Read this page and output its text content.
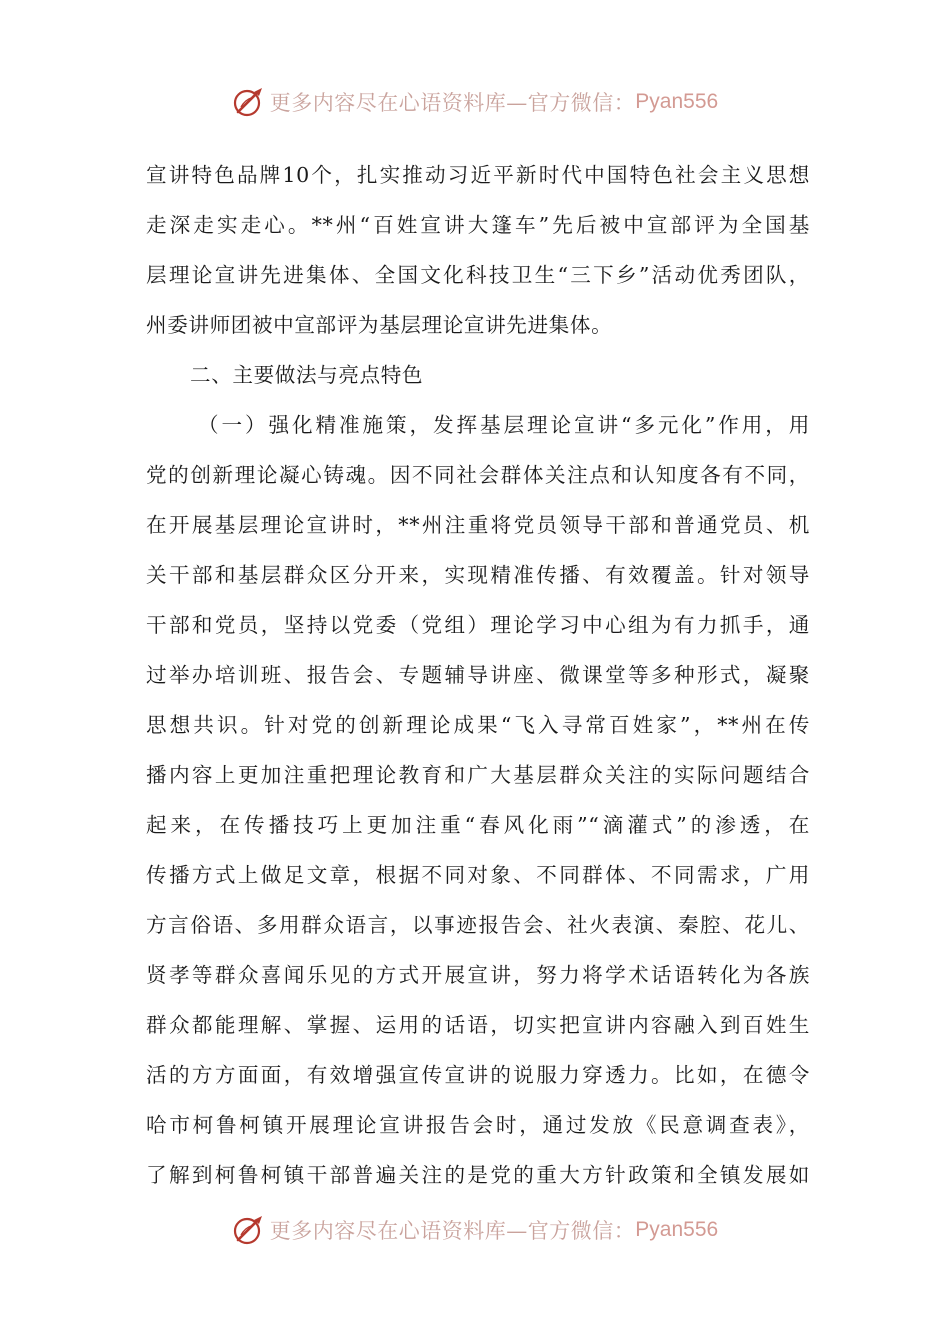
更多内容尽在心语资料库—官方微信： Pyan556
宣讲特色品牌10个，扎实推动习近平新时代中国特色社会主义思想
走深走实走心。**州“百姓宣讲大篷车”先后被中宣部评为全国基
层理论宣讲先进集体、全国文化科技卫生“三下乡”活动优秀团队，
州委讲师团被中宣部评为基层理论宣讲先进集体。
二、主要做法与亮点特色
（一）强化精准施策，发挥基层理论宣讲“多元化”作用，用
党的创新理论凝心铸魂。因不同社会群体关注点和认知度各有不同，
在开展基层理论宣讲时，**州注重将党员领导干部和普通党员、机
关干部和基层群众区分开来，实现精准传播、有效覆盖。针对领导
干部和党员，坚持以党委（党组）理论学习中心组为有力抓手，通
过举办培训班、报告会、专题辅导讲座、微课堂等多种形式，凝聚
思想共识。针对党的创新理论成果“飞入寻常百姓家”，**州在传
播内容上更加注重把理论教育和广大基层群众关注的实际问题结合
起来，在传播技巧上更加注重“春风化雨”“滴灌式”的渗透，在
传播方式上做足文章，根据不同对象、不同群体、不同需求，广用
方言俗语、多用群众语言，以事迹报告会、社火表演、秦腔、花儿、
贤孝等群众喜闻乐见的方式开展宣讲，努力将学术话语转化为各族
群众都能理解、掌握、运用的话语，切实把宣讲内容融入到百姓生
活的方方面面，有效增强宣传宣讲的说服力穿透力。比如，在德令
哈市柯鲁柯镇开展理论宣讲报告会时，通过发放《民意调查表》，
了解到柯鲁柯镇干部普遍关注的是党的重大方针政策和全镇发展如
更多内容尽在心语资料库—官方微信： Pyan556
